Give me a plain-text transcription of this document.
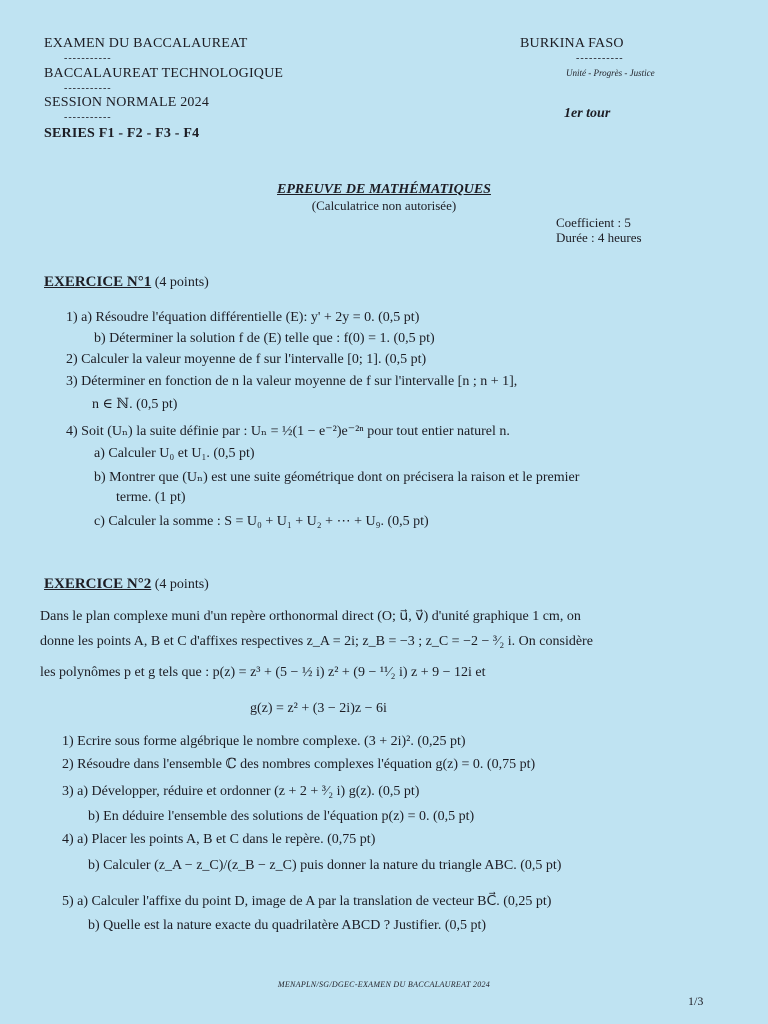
EXAMEN DU BACCALAUREAT
-----------
BACCALAUREAT TECHNOLOGIQUE
-----------
SESSION NORMALE 2024
-----------
SERIES F1 - F2 - F3 - F4
BURKINA FASO
-----------
Unité - Progrès - Justice
1er tour
EPREUVE DE MATHÉMATIQUES
(Calculatrice non autorisée)
Coefficient : 5
Durée : 4 heures
EXERCICE N°1 (4 points)
1) a) Résoudre l'équation différentielle (E): y' + 2y = 0. (0,5 pt)
b) Déterminer la solution f de (E) telle que : f(0) = 1. (0,5 pt)
2) Calculer la valeur moyenne de f sur l'intervalle [0; 1]. (0,5 pt)
3) Déterminer en fonction de n la valeur moyenne de f sur l'intervalle [n ; n + 1],
n ∈ ℕ. (0,5 pt)
4) Soit (Uₙ) la suite définie par : Uₙ = ½(1 − e⁻²)e⁻²ⁿ pour tout entier naturel n.
a) Calculer U₀ et U₁. (0,5 pt)
b) Montrer que (Uₙ) est une suite géométrique dont on précisera la raison et le premier
terme. (1 pt)
c) Calculer la somme : S = U₀ + U₁ + U₂ + ⋯ + U₉. (0,5 pt)
EXERCICE N°2 (4 points)
Dans le plan complexe muni d'un repère orthonormal direct (O; u⃗, v⃗) d'unité graphique 1 cm, on
donne les points A, B et C d'affixes respectives z_A = 2i; z_B = −3 ; z_C = −2 − ³⁄₂ i. On considère
les polynômes p et g tels que : p(z) = z³ + (5 − ½ i) z² + (9 − ¹¹⁄₂ i) z + 9 − 12i et
g(z) = z² + (3 − 2i)z − 6i
1) Ecrire sous forme algébrique le nombre complexe. (3 + 2i)². (0,25 pt)
2) Résoudre dans l'ensemble ℂ des nombres complexes l'équation g(z) = 0. (0,75 pt)
3) a) Développer, réduire et ordonner (z + 2 + ³⁄₂ i) g(z). (0,5 pt)
b) En déduire l'ensemble des solutions de l'équation p(z) = 0. (0,5 pt)
4) a) Placer les points A, B et C dans le repère. (0,75 pt)
b) Calculer (z_A − z_C)/(z_B − z_C) puis donner la nature du triangle ABC. (0,5 pt)
5) a) Calculer l'affixe du point D, image de A par la translation de vecteur BC⃗. (0,25 pt)
b) Quelle est la nature exacte du quadrilatère ABCD ? Justifier. (0,5 pt)
MENAPLN/SG/DGEC-EXAMEN DU BACCALAUREAT 2024
1/3
